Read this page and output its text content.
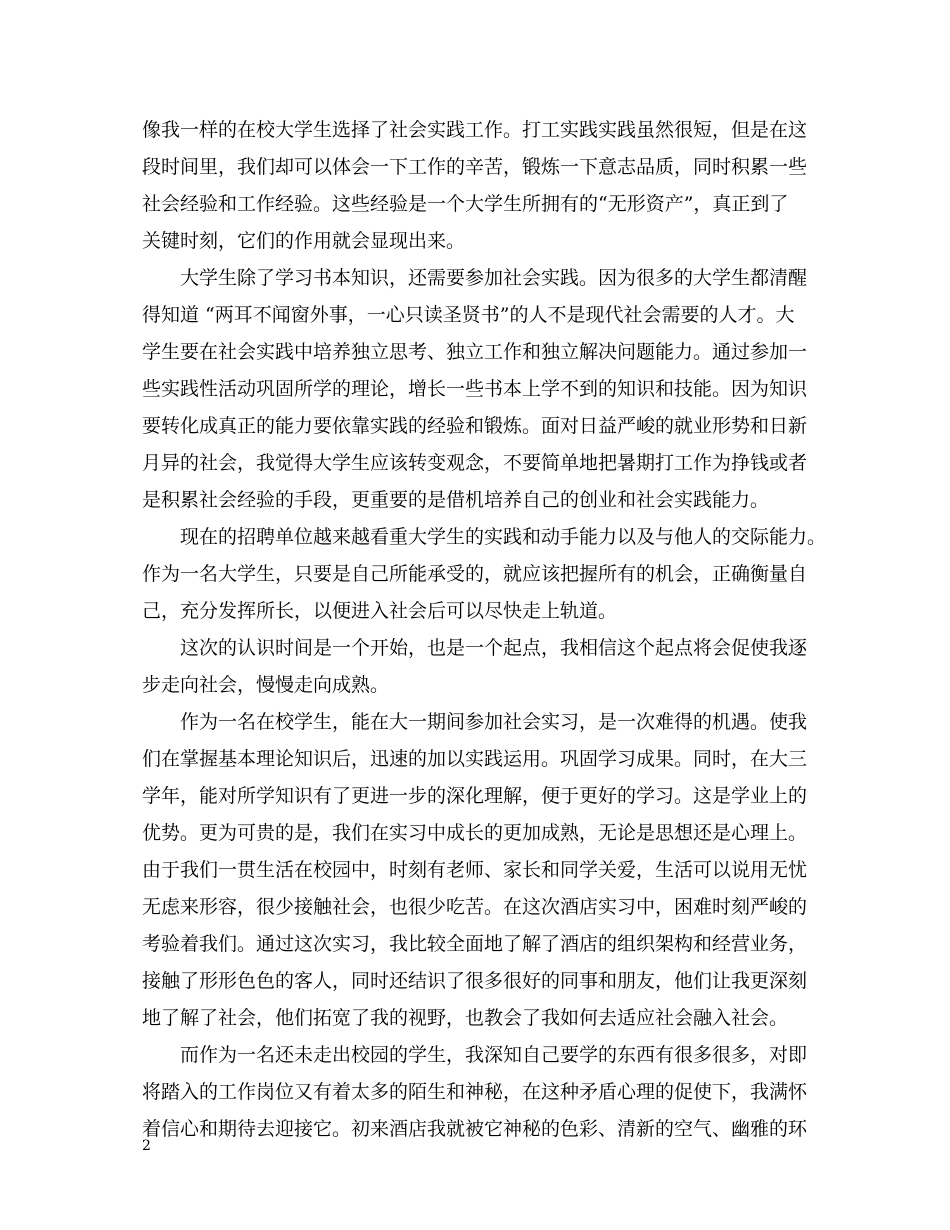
像我一样的在校大学生选择了社会实践工作。打工实践实践虽然很短，但是在这
段时间里，我们却可以体会一下工作的辛苦，锻炼一下意志品质，同时积累一些
社会经验和工作经验。这些经验是一个大学生所拥有的“无形资产”，真正到了
关键时刻，它们的作用就会显现出来。
　　大学生除了学习书本知识，还需要参加社会实践。因为很多的大学生都清醒
得知道 “两耳不闻窗外事，一心只读圣贤书”的人不是现代社会需要的人才。大
学生要在社会实践中培养独立思考、独立工作和独立解决问题能力。通过参加一
些实践性活动巩固所学的理论，增长一些书本上学不到的知识和技能。因为知识
要转化成真正的能力要依靠实践的经验和锻炼。面对日益严峻的就业形势和日新
月异的社会，我觉得大学生应该转变观念，不要简单地把暑期打工作为挣钱或者
是积累社会经验的手段，更重要的是借机培养自己的创业和社会实践能力。
　　现在的招聘单位越来越看重大学生的实践和动手能力以及与他人的交际能力。
作为一名大学生，只要是自己所能承受的，就应该把握所有的机会，正确衡量自
己，充分发挥所长，以便进入社会后可以尽快走上轨道。
　　这次的认识时间是一个开始，也是一个起点，我相信这个起点将会促使我逐
步走向社会，慢慢走向成熟。
　　作为一名在校学生，能在大一期间参加社会实习，是一次难得的机遇。使我
们在掌握基本理论知识后，迅速的加以实践运用。巩固学习成果。同时，在大三
学年，能对所学知识有了更进一步的深化理解，便于更好的学习。这是学业上的
优势。更为可贵的是，我们在实习中成长的更加成熟，无论是思想还是心理上。
由于我们一贯生活在校园中，时刻有老师、家长和同学关爱，生活可以说用无忧
无虑来形容，很少接触社会，也很少吃苦。在这次酒店实习中，困难时刻严峻的
考验着我们。通过这次实习，我比较全面地了解了酒店的组织架构和经营业务，
接触了形形色色的客人，同时还结识了很多很好的同事和朋友，他们让我更深刻
地了解了社会，他们拓宽了我的视野，也教会了我如何去适应社会融入社会。
　　而作为一名还未走出校园的学生，我深知自己要学的东西有很多很多，对即
将踏入的工作岗位又有着太多的陌生和神秘，在这种矛盾心理的促使下，我满怀
着信心和期待去迎接它。初来酒店我就被它神秘的色彩、清新的空气、幽雅的环
2
